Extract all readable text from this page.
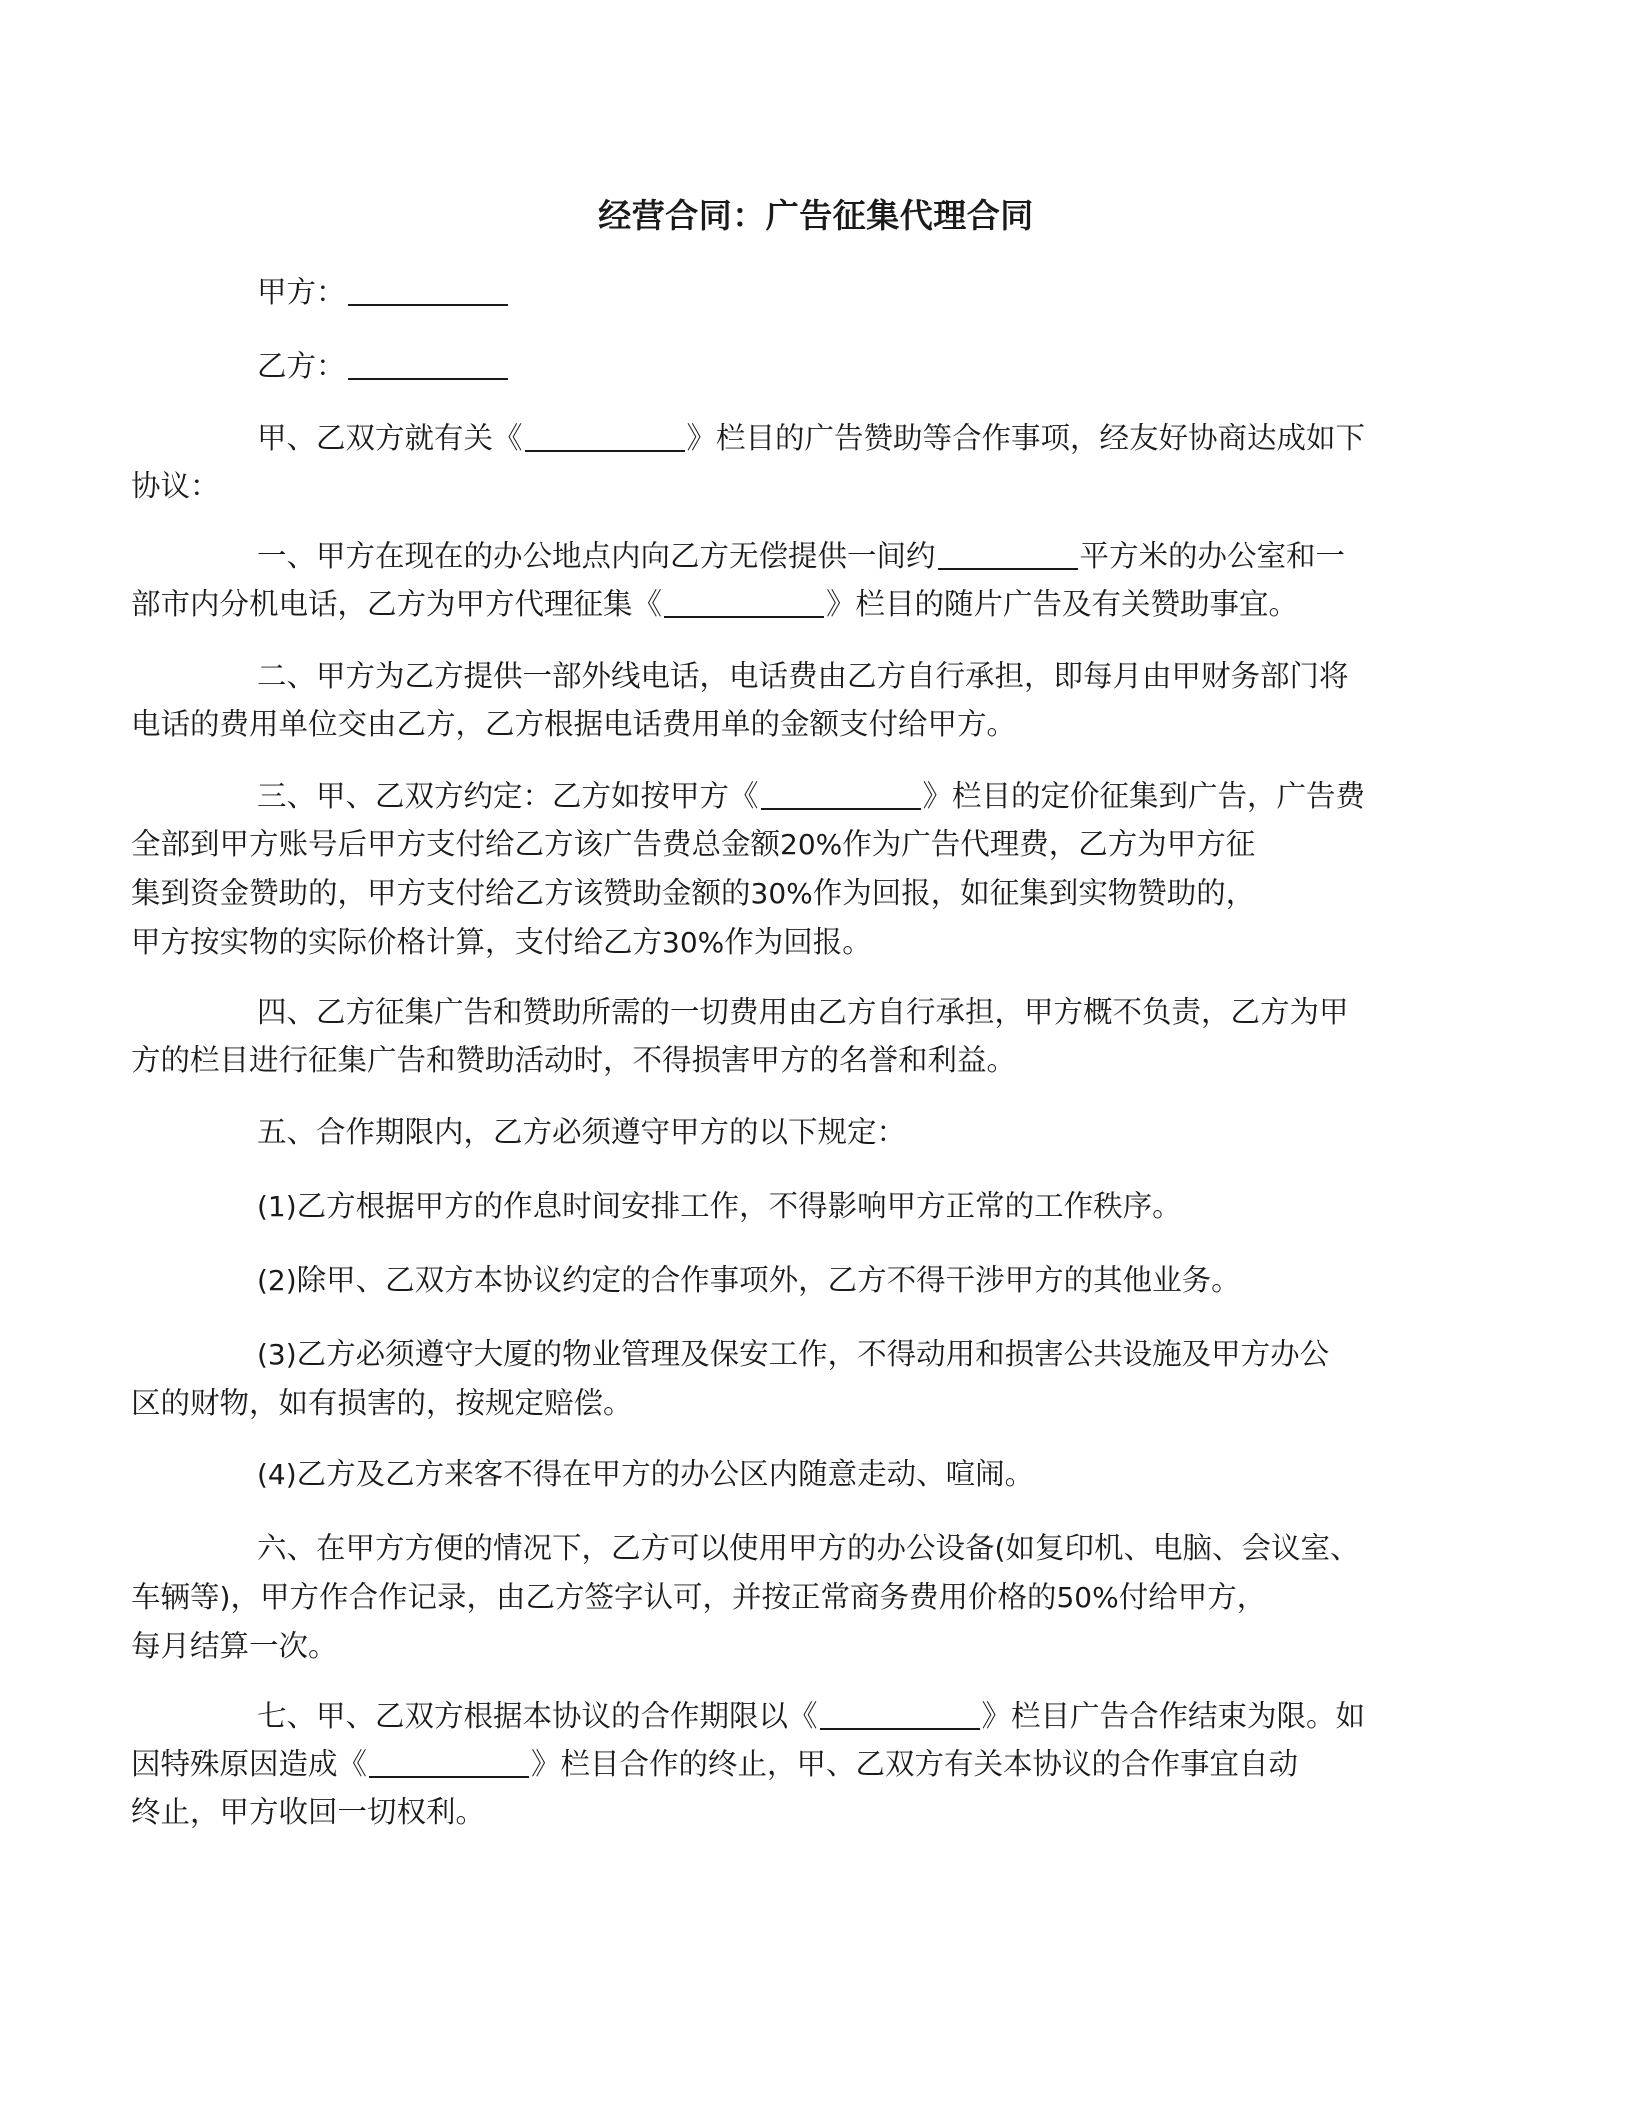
经营合同：广告征集代理合同

甲方：

乙方：

甲、乙双方就有关《	》栏目的广告赞助等合作事项，经友好协商达成如下
协议：

一、甲方在现在的办公地点内向乙方无偿提供一间约	平方米的办公室和一
部市内分机电话，乙方为甲方代理征集《	》栏目的随片广告及有关赞助事宜。

二、甲方为乙方提供一部外线电话，电话费由乙方自行承担，即每月由甲财务部门将
电话的费用单位交由乙方，乙方根据电话费用单的金额支付给甲方。

三、甲、乙双方约定：乙方如按甲方《	》栏目的定价征集到广告，广告费
全部到甲方账号后甲方支付给乙方该广告费总金额20%作为广告代理费，乙方为甲方征
集到资金赞助的，甲方支付给乙方该赞助金额的30%作为回报，如征集到实物赞助的，
甲方按实物的实际价格计算，支付给乙方30%作为回报。

四、乙方征集广告和赞助所需的一切费用由乙方自行承担，甲方概不负责，乙方为甲
方的栏目进行征集广告和赞助活动时，不得损害甲方的名誉和利益。

五、合作期限内，乙方必须遵守甲方的以下规定：

(1)乙方根据甲方的作息时间安排工作，不得影响甲方正常的工作秩序。

(2)除甲、乙双方本协议约定的合作事项外，乙方不得干涉甲方的其他业务。

(3)乙方必须遵守大厦的物业管理及保安工作，不得动用和损害公共设施及甲方办公
区的财物，如有损害的，按规定赔偿。

(4)乙方及乙方来客不得在甲方的办公区内随意走动、喧闹。

六、在甲方方便的情况下，乙方可以使用甲方的办公设备(如复印机、电脑、会议室、
车辆等)，甲方作合作记录，由乙方签字认可，并按正常商务费用价格的50%付给甲方，
每月结算一次。

七、甲、乙双方根据本协议的合作期限以《	》栏目广告合作结束为限。如
因特殊原因造成《	》栏目合作的终止，甲、乙双方有关本协议的合作事宜自动
终止，甲方收回一切权利。
